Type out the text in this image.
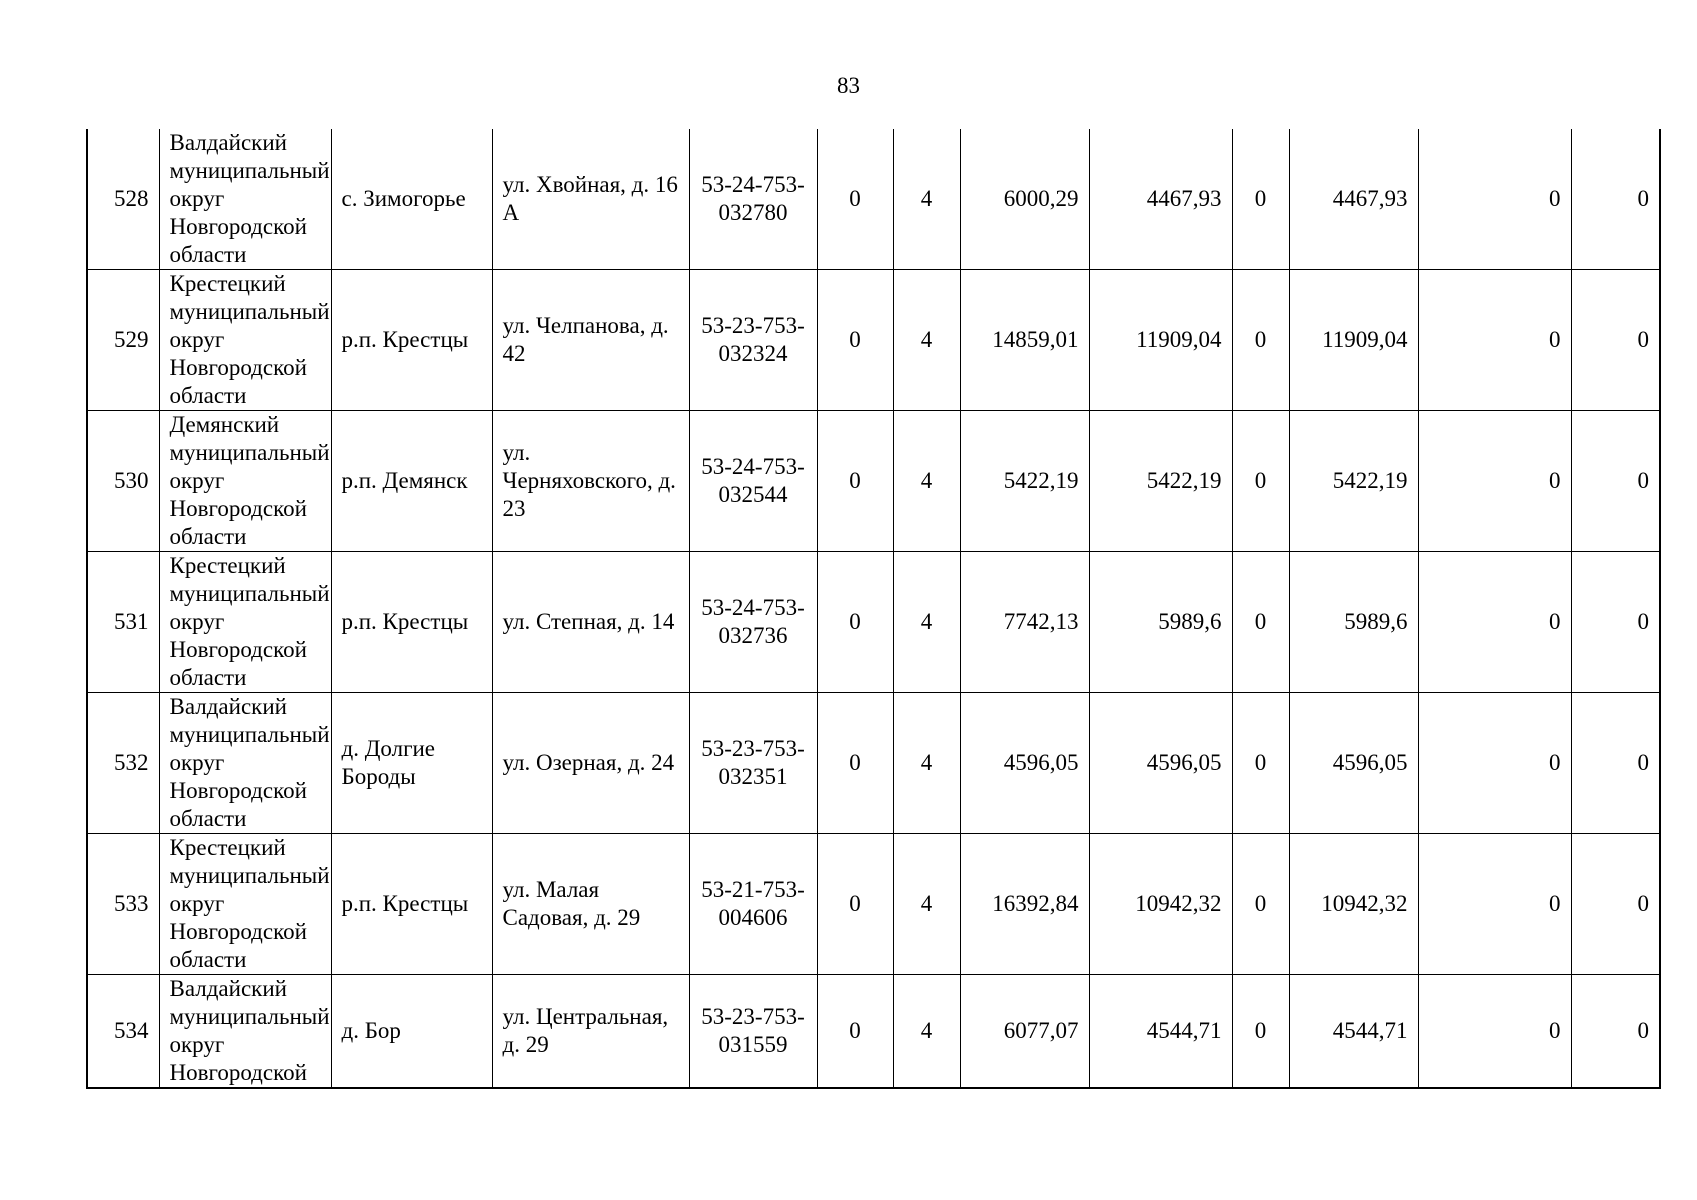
83
528	Валдайский муниципальный округ Новгородской области	с. Зимогорье	ул. Хвойная, д. 16 А	53-24-753-032780	0	4	6000,29	4467,93	0	4467,93	0	0
529	Крестецкий муниципальный округ Новгородской области	р.п. Крестцы	ул. Челпанова, д. 42	53-23-753-032324	0	4	14859,01	11909,04	0	11909,04	0	0
530	Демянский муниципальный округ Новгородской области	р.п. Демянск	ул. Черняховского, д. 23	53-24-753-032544	0	4	5422,19	5422,19	0	5422,19	0	0
531	Крестецкий муниципальный округ Новгородской области	р.п. Крестцы	ул. Степная, д. 14	53-24-753-032736	0	4	7742,13	5989,6	0	5989,6	0	0
532	Валдайский муниципальный округ Новгородской области	д. Долгие Бороды	ул. Озерная, д. 24	53-23-753-032351	0	4	4596,05	4596,05	0	4596,05	0	0
533	Крестецкий муниципальный округ Новгородской области	р.п. Крестцы	ул. Малая Садовая, д. 29	53-21-753-004606	0	4	16392,84	10942,32	0	10942,32	0	0
534	Валдайский муниципальный округ Новгородской	д. Бор	ул. Центральная, д. 29	53-23-753-031559	0	4	6077,07	4544,71	0	4544,71	0	0
